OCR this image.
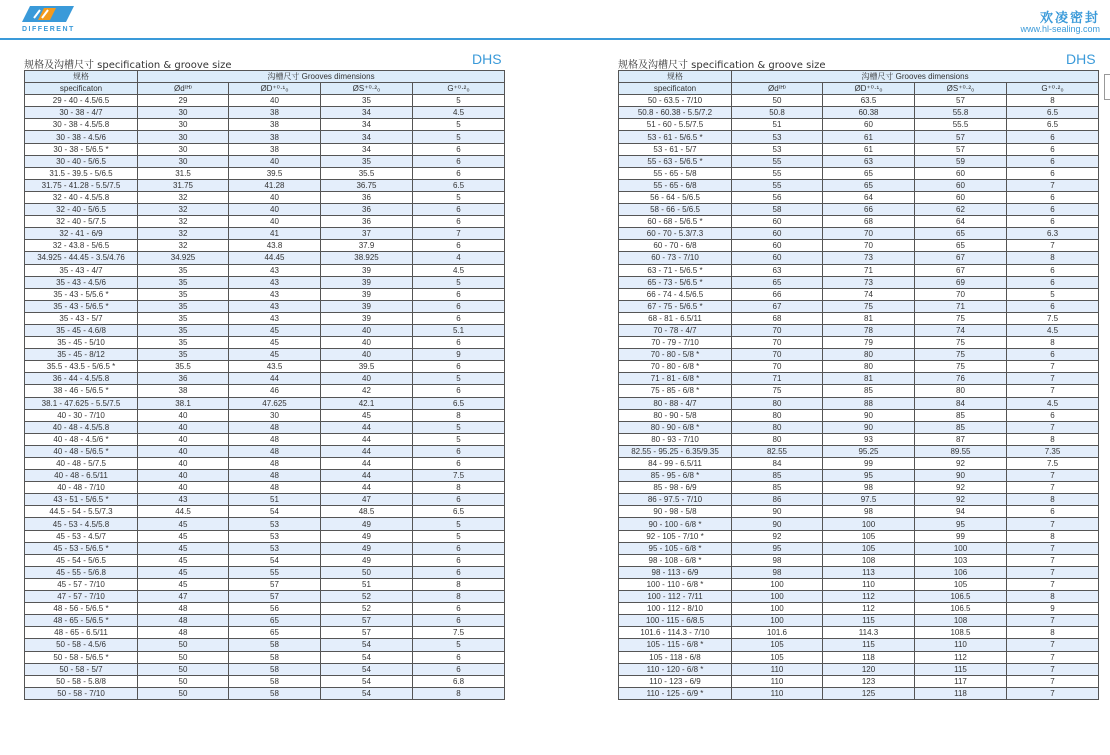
DIFFERENT
欢凌密封
www.hl-sealing.com
规格及沟槽尺寸 specification & groove size	DHS	规格及沟槽尺寸 specification & groove size	DHS
规格	沟槽尺寸 Grooves dimensions			
specificaton	Ød⁽ᴴ⁾	ØD⁺⁰·¹₀	ØS⁺⁰·²₀	G⁺⁰·²₀
29 - 40 - 4.5/6.5	29	40	35	5
30 - 38 - 4/7	30	38	34	4.5
30 - 38 - 4.5/5.8	30	38	34	5
30 - 38 - 4.5/6	30	38	34	5
30 - 38 - 5/6.5 *	30	38	34	6
30 - 40 - 5/6.5	30	40	35	6
31.5 - 39.5 - 5/6.5	31.5	39.5	35.5	6
31.75 - 41.28 - 5.5/7.5	31.75	41.28	36.75	6.5
32 - 40 - 4.5/5.8	32	40	36	5
32 - 40 - 5/6.5	32	40	36	6
32 - 40 - 5/7.5	32	40	36	6
32 - 41 - 6/9	32	41	37	7
32 - 43.8 - 5/6.5	32	43.8	37.9	6
34.925 - 44.45 - 3.5/4.76	34.925	44.45	38.925	4
35 - 43 - 4/7	35	43	39	4.5
35 - 43 - 4.5/6	35	43	39	5
35 - 43 - 5/5.6 *	35	43	39	6
35 - 43 - 5/6.5 *	35	43	39	6
35 - 43 - 5/7	35	43	39	6
35 - 45 - 4.6/8	35	45	40	5.1
35 - 45 - 5/10	35	45	40	6
35 - 45 - 8/12	35	45	40	9
35.5 - 43.5 - 5/6.5 *	35.5	43.5	39.5	6
36 - 44 - 4.5/5.8	36	44	40	5
38 - 46 - 5/6.5 *	38	46	42	6
38.1 - 47.625 - 5.5/7.5	38.1	47.625	42.1	6.5
40 - 30 - 7/10	40	30	45	8
40 - 48 - 4.5/5.8	40	48	44	5
40 - 48 - 4.5/6 *	40	48	44	5
40 - 48 - 5/6.5 *	40	48	44	6
40 - 48 - 5/7.5	40	48	44	6
40 - 48 - 6.5/11	40	48	44	7.5
40 - 48 - 7/10	40	48	44	8
43 - 51 - 5/6.5 *	43	51	47	6
44.5 - 54 - 5.5/7.3	44.5	54	48.5	6.5
45 - 53 - 4.5/5.8	45	53	49	5
45 - 53 - 4.5/7	45	53	49	5
45 - 53 - 5/6.5 *	45	53	49	6
45 - 54 - 5/6.5	45	54	49	6
45 - 55 - 5/6.8	45	55	50	6
45 - 57 - 7/10	45	57	51	8
47 - 57 - 7/10	47	57	52	8
48 - 56 - 5/6.5 *	48	56	52	6
48 - 65 - 5/6.5 *	48	65	57	6
48 - 65 - 6.5/11	48	65	57	7.5
50 - 58 - 4.5/6	50	58	54	5
50 - 58 - 5/6.5 *	50	58	54	6
50 - 58 - 5/7	50	58	54	6
50 - 58 - 5.8/8	50	58	54	6.8
50 - 58 - 7/10	50	58	54	8
规格	沟槽尺寸 Grooves dimensions			
specificaton	Ød⁽ᴴ⁾	ØD⁺⁰·¹₀	ØS⁺⁰·²₀	G⁺⁰·²₀
50 - 63.5 - 7/10	50	63.5	57	8
50.8 - 60.38 - 5.5/7.2	50.8	60.38	55.8	6.5
51 - 60 - 5.5/7.5	51	60	55.5	6.5
53 - 61 - 5/6.5 *	53	61	57	6
53 - 61 - 5/7	53	61	57	6
55 - 63 - 5/6.5 *	55	63	59	6
55 - 65 - 5/8	55	65	60	6
55 - 65 - 6/8	55	65	60	7
56 - 64 - 5/6.5	56	64	60	6
58 - 66 - 5/6.5	58	66	62	6
60 - 68 - 5/6.5 *	60	68	64	6
60 - 70 - 5.3/7.3	60	70	65	6.3
60 - 70 - 6/8	60	70	65	7
60 - 73 - 7/10	60	73	67	8
63 - 71 - 5/6.5 *	63	71	67	6
65 - 73 - 5/6.5 *	65	73	69	6
66 - 74 - 4.5/6.5	66	74	70	5
67 - 75 - 5/6.5 *	67	75	71	6
68 - 81 - 6.5/11	68	81	75	7.5
70 - 78 - 4/7	70	78	74	4.5
70 - 79 - 7/10	70	79	75	8
70 - 80 - 5/8 *	70	80	75	6
70 - 80 - 6/8 *	70	80	75	7
71 - 81 - 6/8 *	71	81	76	7
75 - 85 - 6/8 *	75	85	80	7
80 - 88 - 4/7	80	88	84	4.5
80 - 90 - 5/8	80	90	85	6
80 - 90 - 6/8 *	80	90	85	7
80 - 93 - 7/10	80	93	87	8
82.55 - 95.25 - 6.35/9.35	82.55	95.25	89.55	7.35
84 - 99 - 6.5/11	84	99	92	7.5
85 - 95 - 6/8 *	85	95	90	7
85 - 98 - 6/9	85	98	92	7
86 - 97.5 - 7/10	86	97.5	92	8
90 - 98 - 5/8	90	98	94	6
90 - 100 - 6/8 *	90	100	95	7
92 - 105 - 7/10 *	92	105	99	8
95 - 105 - 6/8 *	95	105	100	7
98 - 108 - 6/8 *	98	108	103	7
98 - 113 - 6/9	98	113	106	7
100 - 110 - 6/8 *	100	110	105	7
100 - 112 - 7/11	100	112	106.5	8
100 - 112 - 8/10	100	112	106.5	9
100 - 115 - 6/8.5	100	115	108	7
101.6 - 114.3 - 7/10	101.6	114.3	108.5	8
105 - 115 - 6/8 *	105	115	110	7
105 - 118 - 6/8	105	118	112	7
110 - 120 - 6/8 *	110	120	115	7
110 - 123 - 6/9	110	123	117	7
110 - 125 - 6/9 *	110	125	118	7
